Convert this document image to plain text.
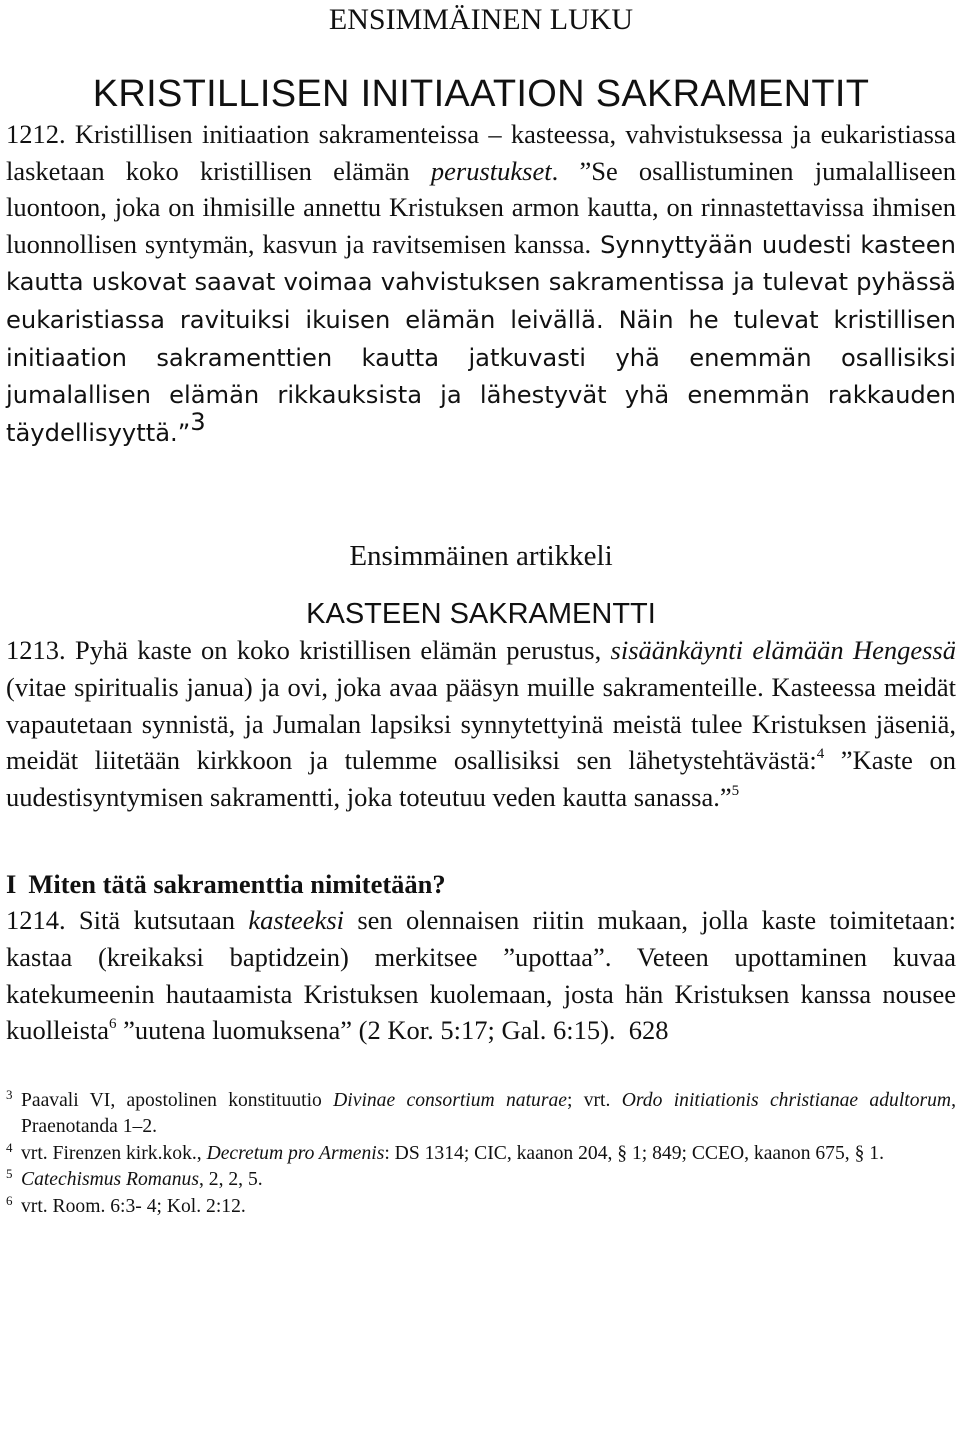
ENSIMMÄINEN LUKU
KRISTILLISEN INITIAATION SAKRAMENTIT

1212. Kristillisen initiaation sakramenteissa – kasteessa, vahvistuksessa ja eukaristiassa lasketaan koko kristillisen elämän perustukset. ”Se osallistuminen jumalalliseen luontoon, joka on ihmisille annettu Kristuksen armon kautta, on rinnastettavissa ihmisen luonnollisen syntymän, kasvun ja ravitsemisen kanssa. Synnyttyään uudesti kasteen kautta uskovat saavat voimaa vahvistuksen sakramentissa ja tulevat pyhässä eukaristiassa ravituiksi ikuisen elämän leivällä. Näin he tulevat kristillisen initiaation sakramenttien kautta jatkuvasti yhä enemmän osallisiksi jumalallisen elämän rikkauksista ja lähestyvät yhä enemmän rakkauden täydellisyyttä.”$^3$

Ensimmäinen artikkeli
KASTEEN SAKRAMENTTI

1213. Pyhä kaste on koko kristillisen elämän perustus, sisäänkäynti elämään Hengessä (vitae spiritualis janua) ja ovi, joka avaa pääsyn muille sakramenteille. Kasteessa meidät vapautetaan synnistä, ja Jumalan lapsiksi synnytettyinä meistä tulee Kristuksen jäseniä, meidät liitetään kirkkoon ja tulemme osallisiksi sen lähetystehtävästä:$^4$ ”Kaste on uudestisyntymisen sakramentti, joka toteutuu veden kautta sanassa.”$^5$

I Miten tätä sakramenttia nimitetään?

1214. Sitä kutsutaan kasteeksi sen olennaisen riitin mukaan, jolla kaste toimitetaan: kastaa (kreikaksi baptidzein) merkitsee ”upottaa”. Veteen upottaminen kuvaa katekumeenin hautaamista Kristuksen kuolemaan, josta hän Kristuksen kanssa nousee kuolleista$^6$ ”uutena luomuksena” (2 Kor. 5:17; Gal. 6:15). 628

3 Paavali VI, apostolinen konstituutio Divinae consortium naturae; vrt. Ordo initiationis christianae adultorum, Praenotanda 1–2.
4 vrt. Firenzen kirk.kok., Decretum pro Armenis: DS 1314; CIC, kaanon 204, § 1; 849; CCEO, kaanon 675, § 1.
5 Catechismus Romanus, 2, 2, 5.
6 vrt. Room. 6:3- 4; Kol. 2:12.
